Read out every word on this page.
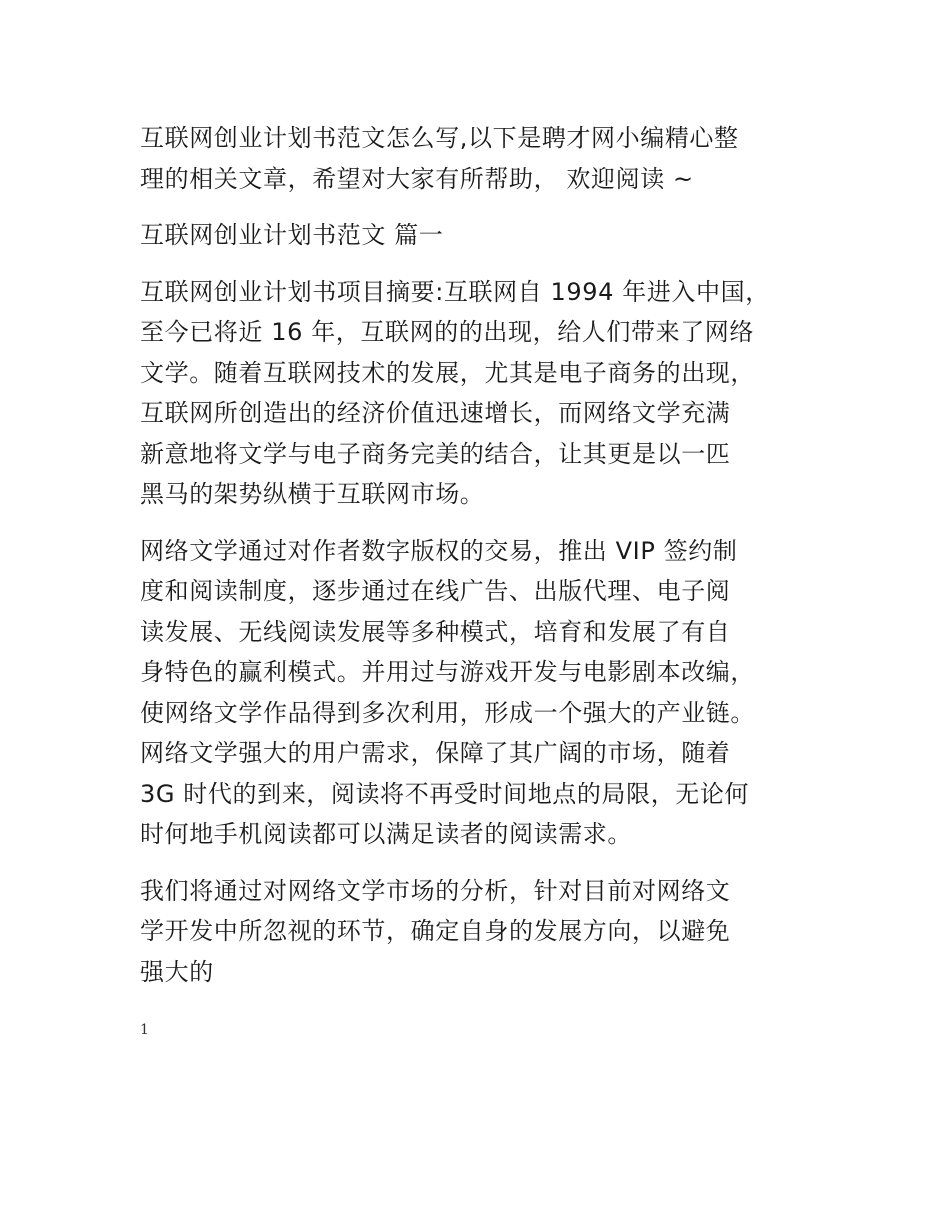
互联网创业计划书范文怎么写,以下是聘才网小编精心整
理的相关文章，希望对大家有所帮助， 欢迎阅读 ~

互联网创业计划书范文 篇一

互联网创业计划书项目摘要:互联网自 1994 年进入中国，
至今已将近 16 年，互联网的的出现，给人们带来了网络
文学。随着互联网技术的发展，尤其是电子商务的出现，
互联网所创造出的经济价值迅速增长，而网络文学充满
新意地将文学与电子商务完美的结合，让其更是以一匹
黑马的架势纵横于互联网市场。

网络文学通过对作者数字版权的交易，推出 VIP 签约制
度和阅读制度，逐步通过在线广告、出版代理、电子阅
读发展、无线阅读发展等多种模式，培育和发展了有自
身特色的赢利模式。并用过与游戏开发与电影剧本改编，
使网络文学作品得到多次利用，形成一个强大的产业链。
网络文学强大的用户需求，保障了其广阔的市场，随着
3G 时代的到来，阅读将不再受时间地点的局限，无论何
时何地手机阅读都可以满足读者的阅读需求。

我们将通过对网络文学市场的分析，针对目前对网络文
学开发中所忽视的环节，确定自身的发展方向，以避免
强大的

1
